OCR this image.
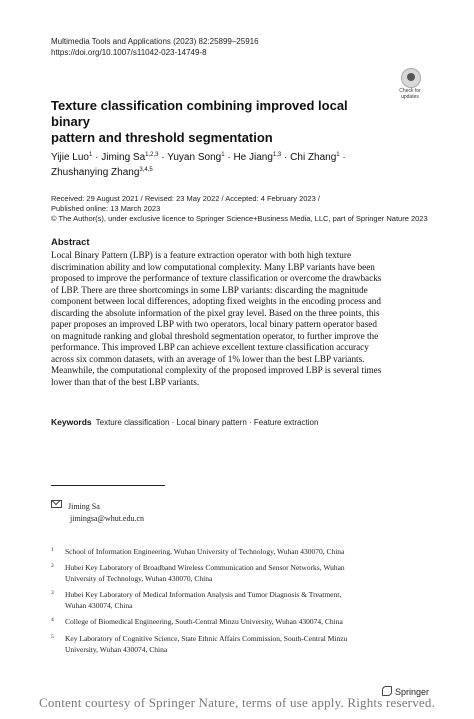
Multimedia Tools and Applications (2023) 82:25899–25916
https://doi.org/10.1007/s11042-023-14749-8
Check for
updates
Texture classification combining improved local binary
pattern and threshold segmentation
Yijie Luo$^1$ · Jiming Sa$^{1,2,3}$ · Yuyan Song$^1$ · He Jiang$^{1,3}$ · Chi Zhang$^1$ ·
Zhushanying Zhang$^{3,4,5}$
Received: 29 August 2021 / Revised: 23 May 2022 / Accepted: 4 February 2023 /
Published online: 13 March 2023
© The Author(s), under exclusive licence to Springer Science+Business Media, LLC, part of Springer Nature 2023
Abstract
Local Binary Pattern (LBP) is a feature extraction operator with both high texture
discrimination ability and low computational complexity. Many LBP variants have been
proposed to improve the performance of texture classification or overcome the drawbacks
of LBP. There are three shortcomings in some LBP variants: discarding the magnitude
component between local differences, adopting fixed weights in the encoding process and
discarding the absolute information of the pixel gray level. Based on the three points, this
paper proposes an improved LBP with two operators, local binary pattern operator based
on magnitude ranking and global threshold segmentation operator, to further improve the
performance. This improved LBP can achieve excellent texture classification accuracy
across six common datasets, with an average of 1% lower than the best LBP variants.
Meanwhile, the computational complexity of the proposed improved LBP is several times
lower than that of the best LBP variants.
Keywords Texture classification · Local binary pattern · Feature extraction
Jiming Sa
jimingsa@whut.edu.cn
1	School of Information Engineering, Wuhan University of Technology, Wuhan 430070, China
2	Hubei Key Laboratory of Broadband Wireless Communication and Sensor Networks, Wuhan
University of Technology, Wuhan 430070, China
3	Hubei Key Laboratory of Medical Information Analysis and Tumor Diagnosis & Treatment,
Wuhan 430074, China
4	College of Biomedical Engineering, South-Central Minzu University, Wuhan 430074, China
5	Key Laboratory of Cognitive Science, State Ethnic Affairs Commission, South-Central Minzu
University, Wuhan 430074, China
Springer
Content courtesy of Springer Nature, terms of use apply. Rights reserved.
